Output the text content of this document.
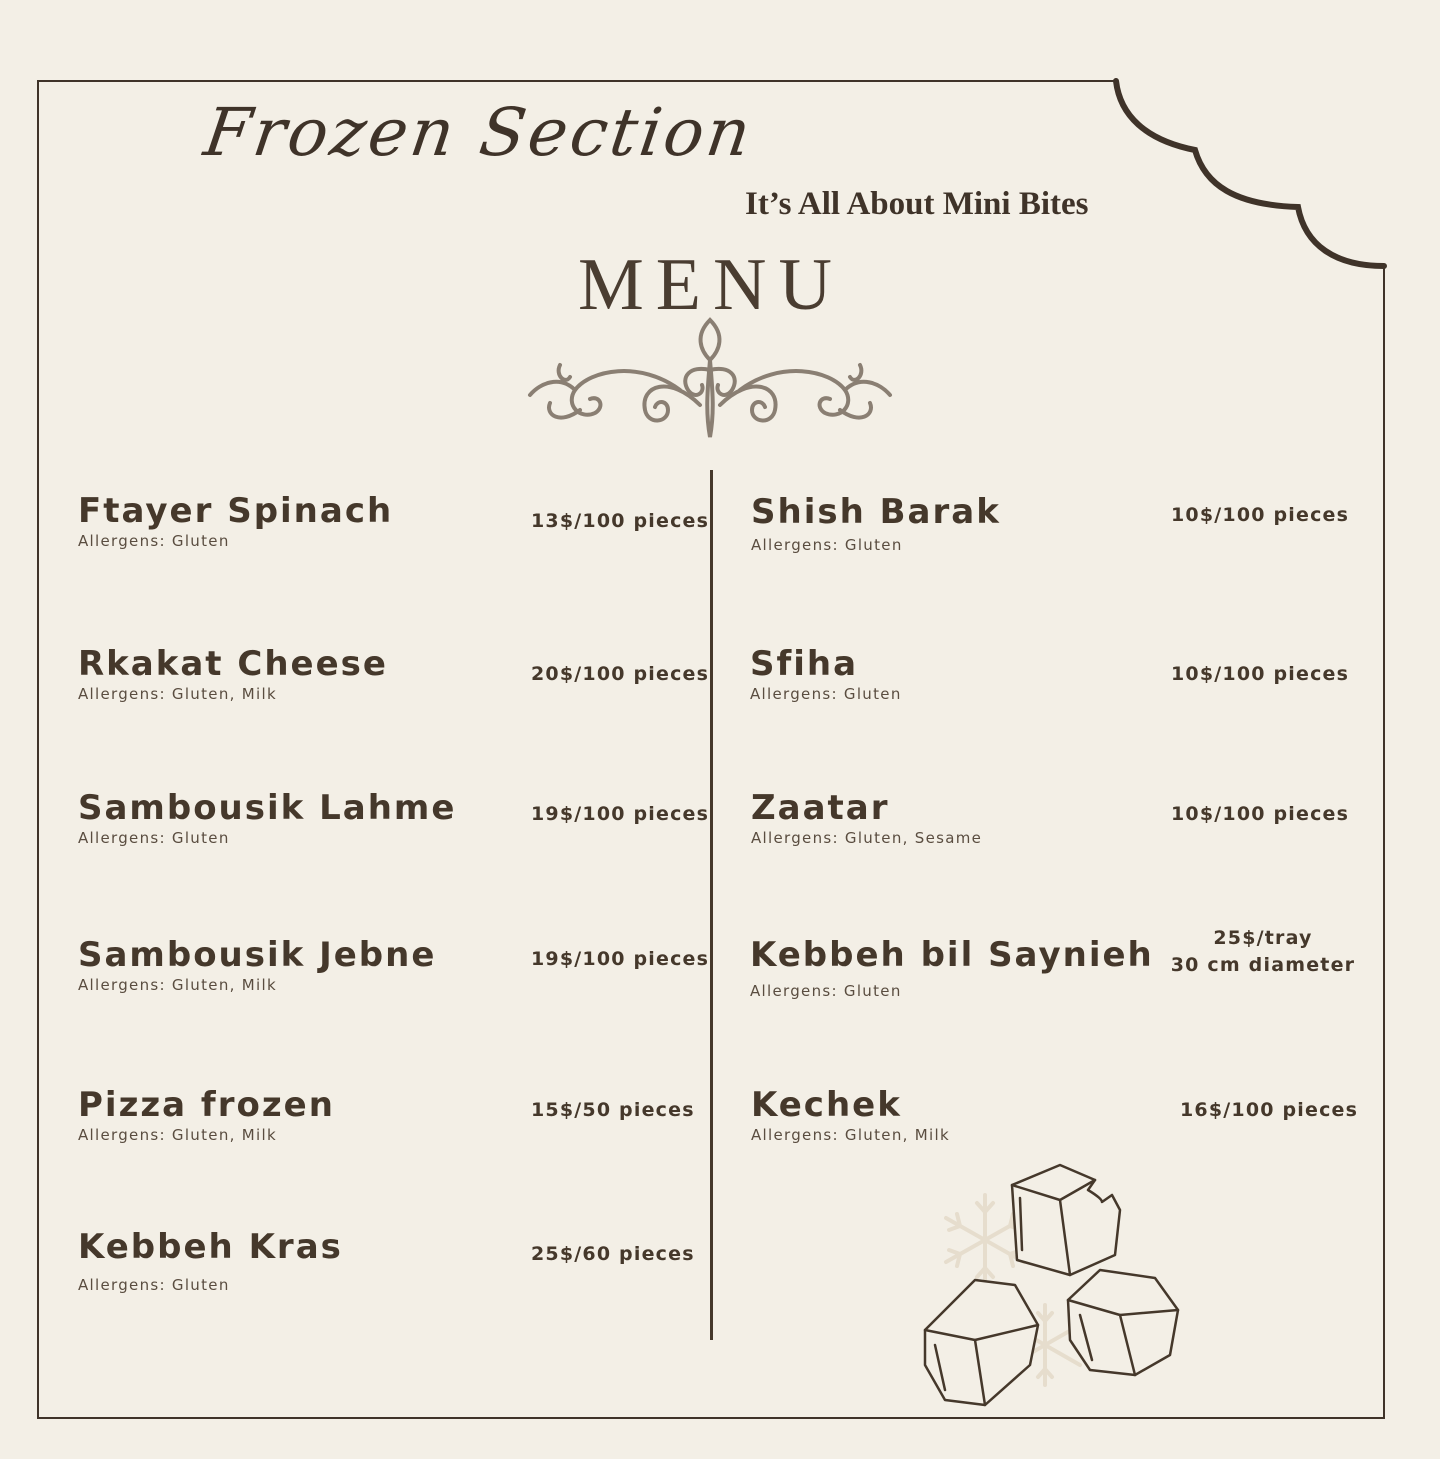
Frozen Section
It’s All About Mini Bites
MENU
Ftayer Spinach
Allergens: Gluten
13$/100 pieces
Rkakat Cheese
Allergens: Gluten, Milk
20$/100 pieces
Sambousik Lahme
Allergens: Gluten
19$/100 pieces
Sambousik Jebne
Allergens: Gluten, Milk
19$/100 pieces
Pizza frozen
Allergens: Gluten, Milk
15$/50 pieces
Kebbeh Kras
Allergens: Gluten
25$/60 pieces
Shish Barak
Allergens: Gluten
10$/100 pieces
Sfiha
Allergens: Gluten
10$/100 pieces
Zaatar
Allergens: Gluten, Sesame
10$/100 pieces
Kebbeh bil Saynieh
Allergens: Gluten
25$/tray
30 cm diameter
Kechek
Allergens: Gluten, Milk
16$/100 pieces
